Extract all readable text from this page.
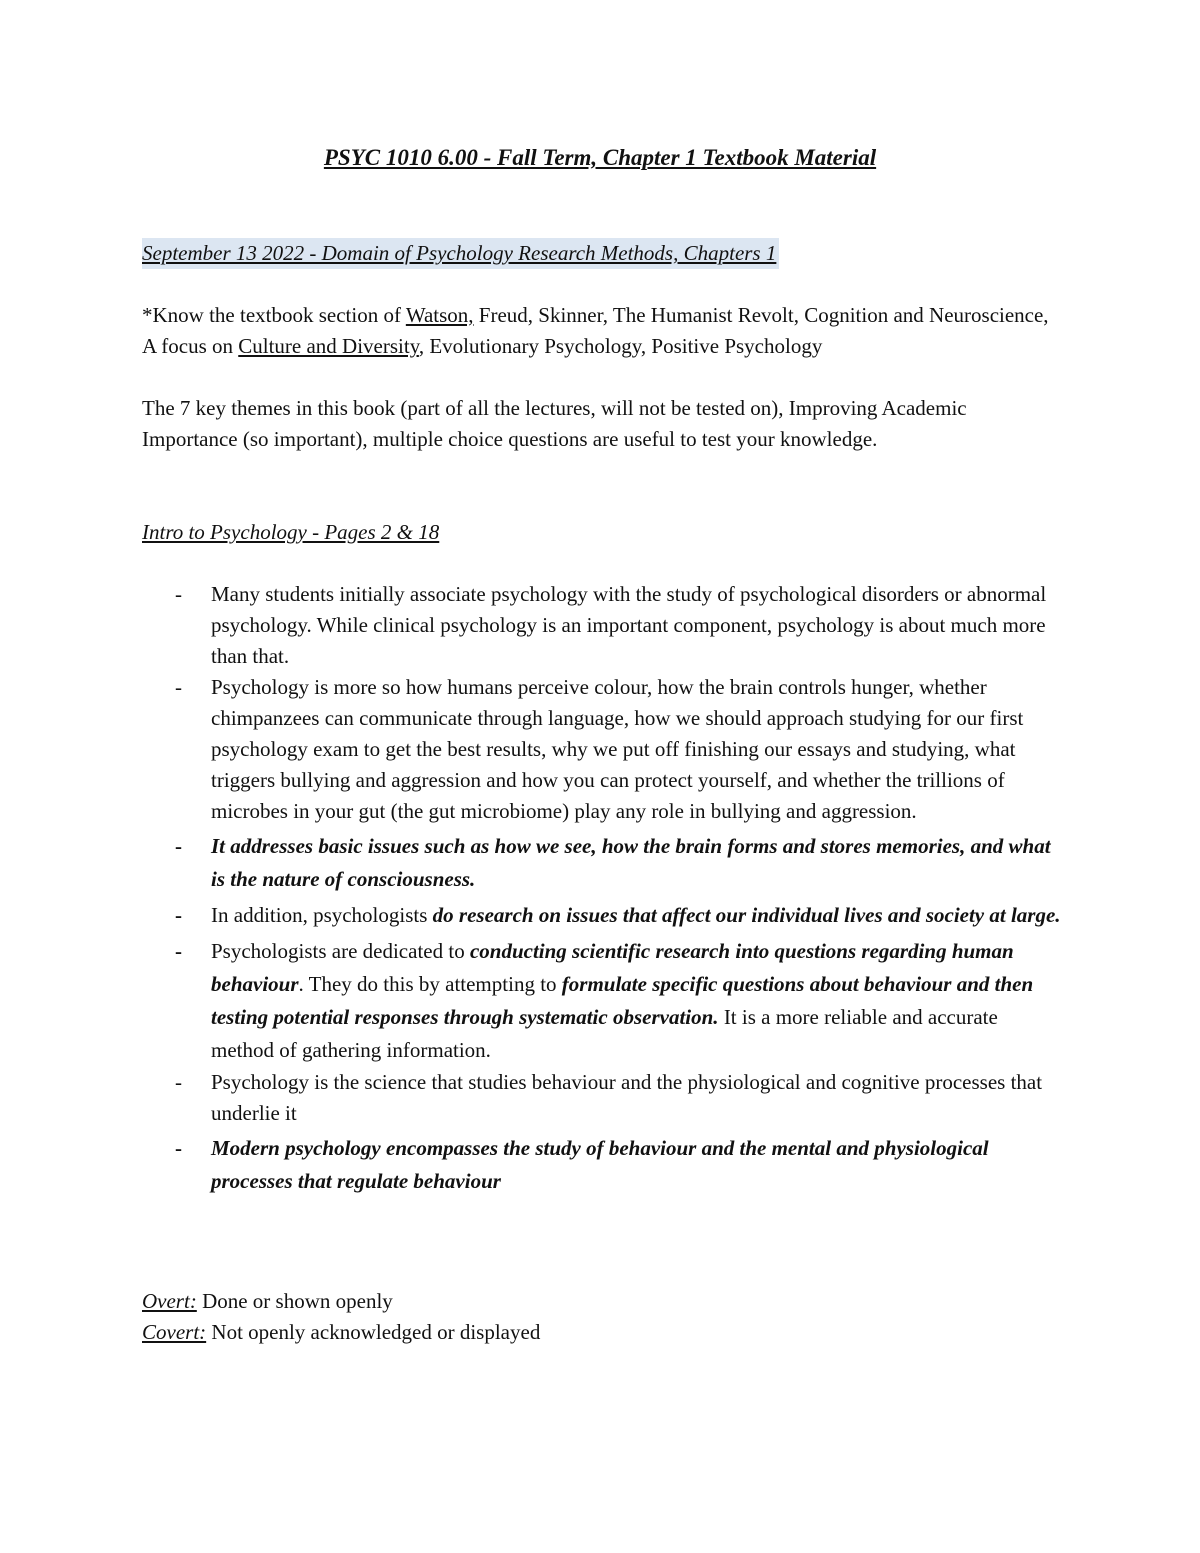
PSYC 1010 6.00 - Fall Term, Chapter 1 Textbook Material
September 13 2022 - Domain of Psychology Research Methods, Chapters 1

*Know the textbook section of Watson, Freud, Skinner, The Humanist Revolt, Cognition and Neuroscience, A focus on Culture and Diversity, Evolutionary Psychology, Positive Psychology

The 7 key themes in this book (part of all the lectures, will not be tested on), Improving Academic Importance (so important), multiple choice questions are useful to test your knowledge.

Intro to Psychology - Pages 2 & 18
- Many students initially associate psychology with the study of psychological disorders or abnormal psychology. While clinical psychology is an important component, psychology is about much more than that.
- Psychology is more so how humans perceive colour, how the brain controls hunger, whether chimpanzees can communicate through language, how we should approach studying for our first psychology exam to get the best results, why we put off finishing our essays and studying, what triggers bullying and aggression and how you can protect yourself, and whether the trillions of microbes in your gut (the gut microbiome) play any role in bullying and aggression.
- It addresses basic issues such as how we see, how the brain forms and stores memories, and what is the nature of consciousness.
- In addition, psychologists do research on issues that affect our individual lives and society at large.
- Psychologists are dedicated to conducting scientific research into questions regarding human behaviour. They do this by attempting to formulate specific questions about behaviour and then testing potential responses through systematic observation. It is a more reliable and accurate method of gathering information.
- Psychology is the science that studies behaviour and the physiological and cognitive processes that underlie it
- Modern psychology encompasses the study of behaviour and the mental and physiological processes that regulate behaviour
Overt: Done or shown openly
Covert: Not openly acknowledged or displayed
